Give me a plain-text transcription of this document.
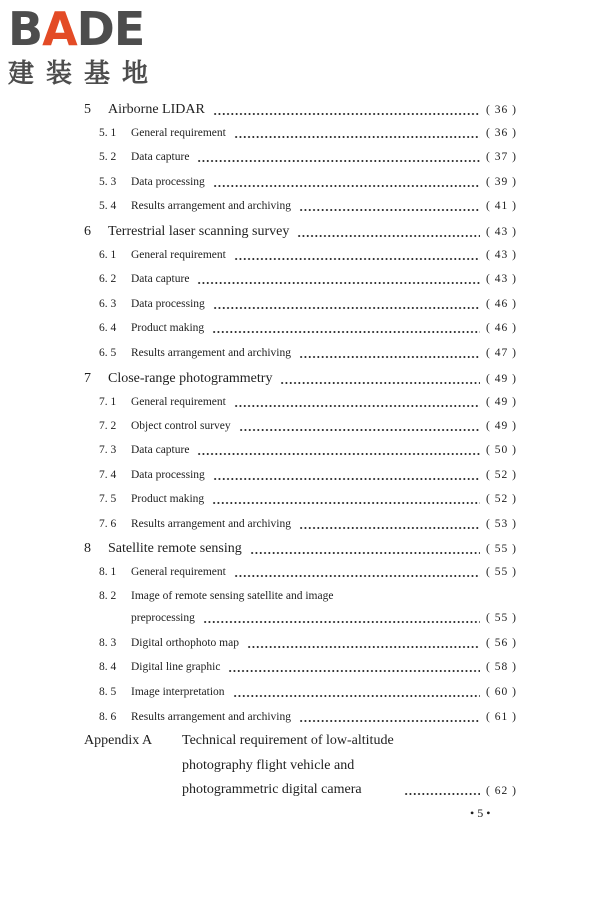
BADE
建装基地
5 Airborne LIDAR	( 36 )
5. 1 General requirement	( 36 )
5. 2 Data capture	( 37 )
5. 3 Data processing	( 39 )
5. 4 Results arrangement and archiving	( 41 )
6 Terrestrial laser scanning survey	( 43 )
6. 1 General requirement	( 43 )
6. 2 Data capture	( 43 )
6. 3 Data processing	( 46 )
6. 4 Product making	( 46 )
6. 5 Results arrangement and archiving	( 47 )
7 Close-range photogrammetry	( 49 )
7. 1 General requirement	( 49 )
7. 2 Object control survey	( 49 )
7. 3 Data capture	( 50 )
7. 4 Data processing	( 52 )
7. 5 Product making	( 52 )
7. 6 Results arrangement and archiving	( 53 )
8 Satellite remote sensing	( 55 )
8. 1 General requirement	( 55 )
8. 2 Image of remote sensing satellite and image
preprocessing	( 55 )
8. 3 Digital orthophoto map	( 56 )
8. 4 Digital line graphic	( 58 )
8. 5 Image interpretation	( 60 )
8. 6 Results arrangement and archiving	( 61 )
Appendix A Technical requirement of low-altitude
photography flight vehicle and
photogrammetric digital camera	( 62 )
• 5 •
